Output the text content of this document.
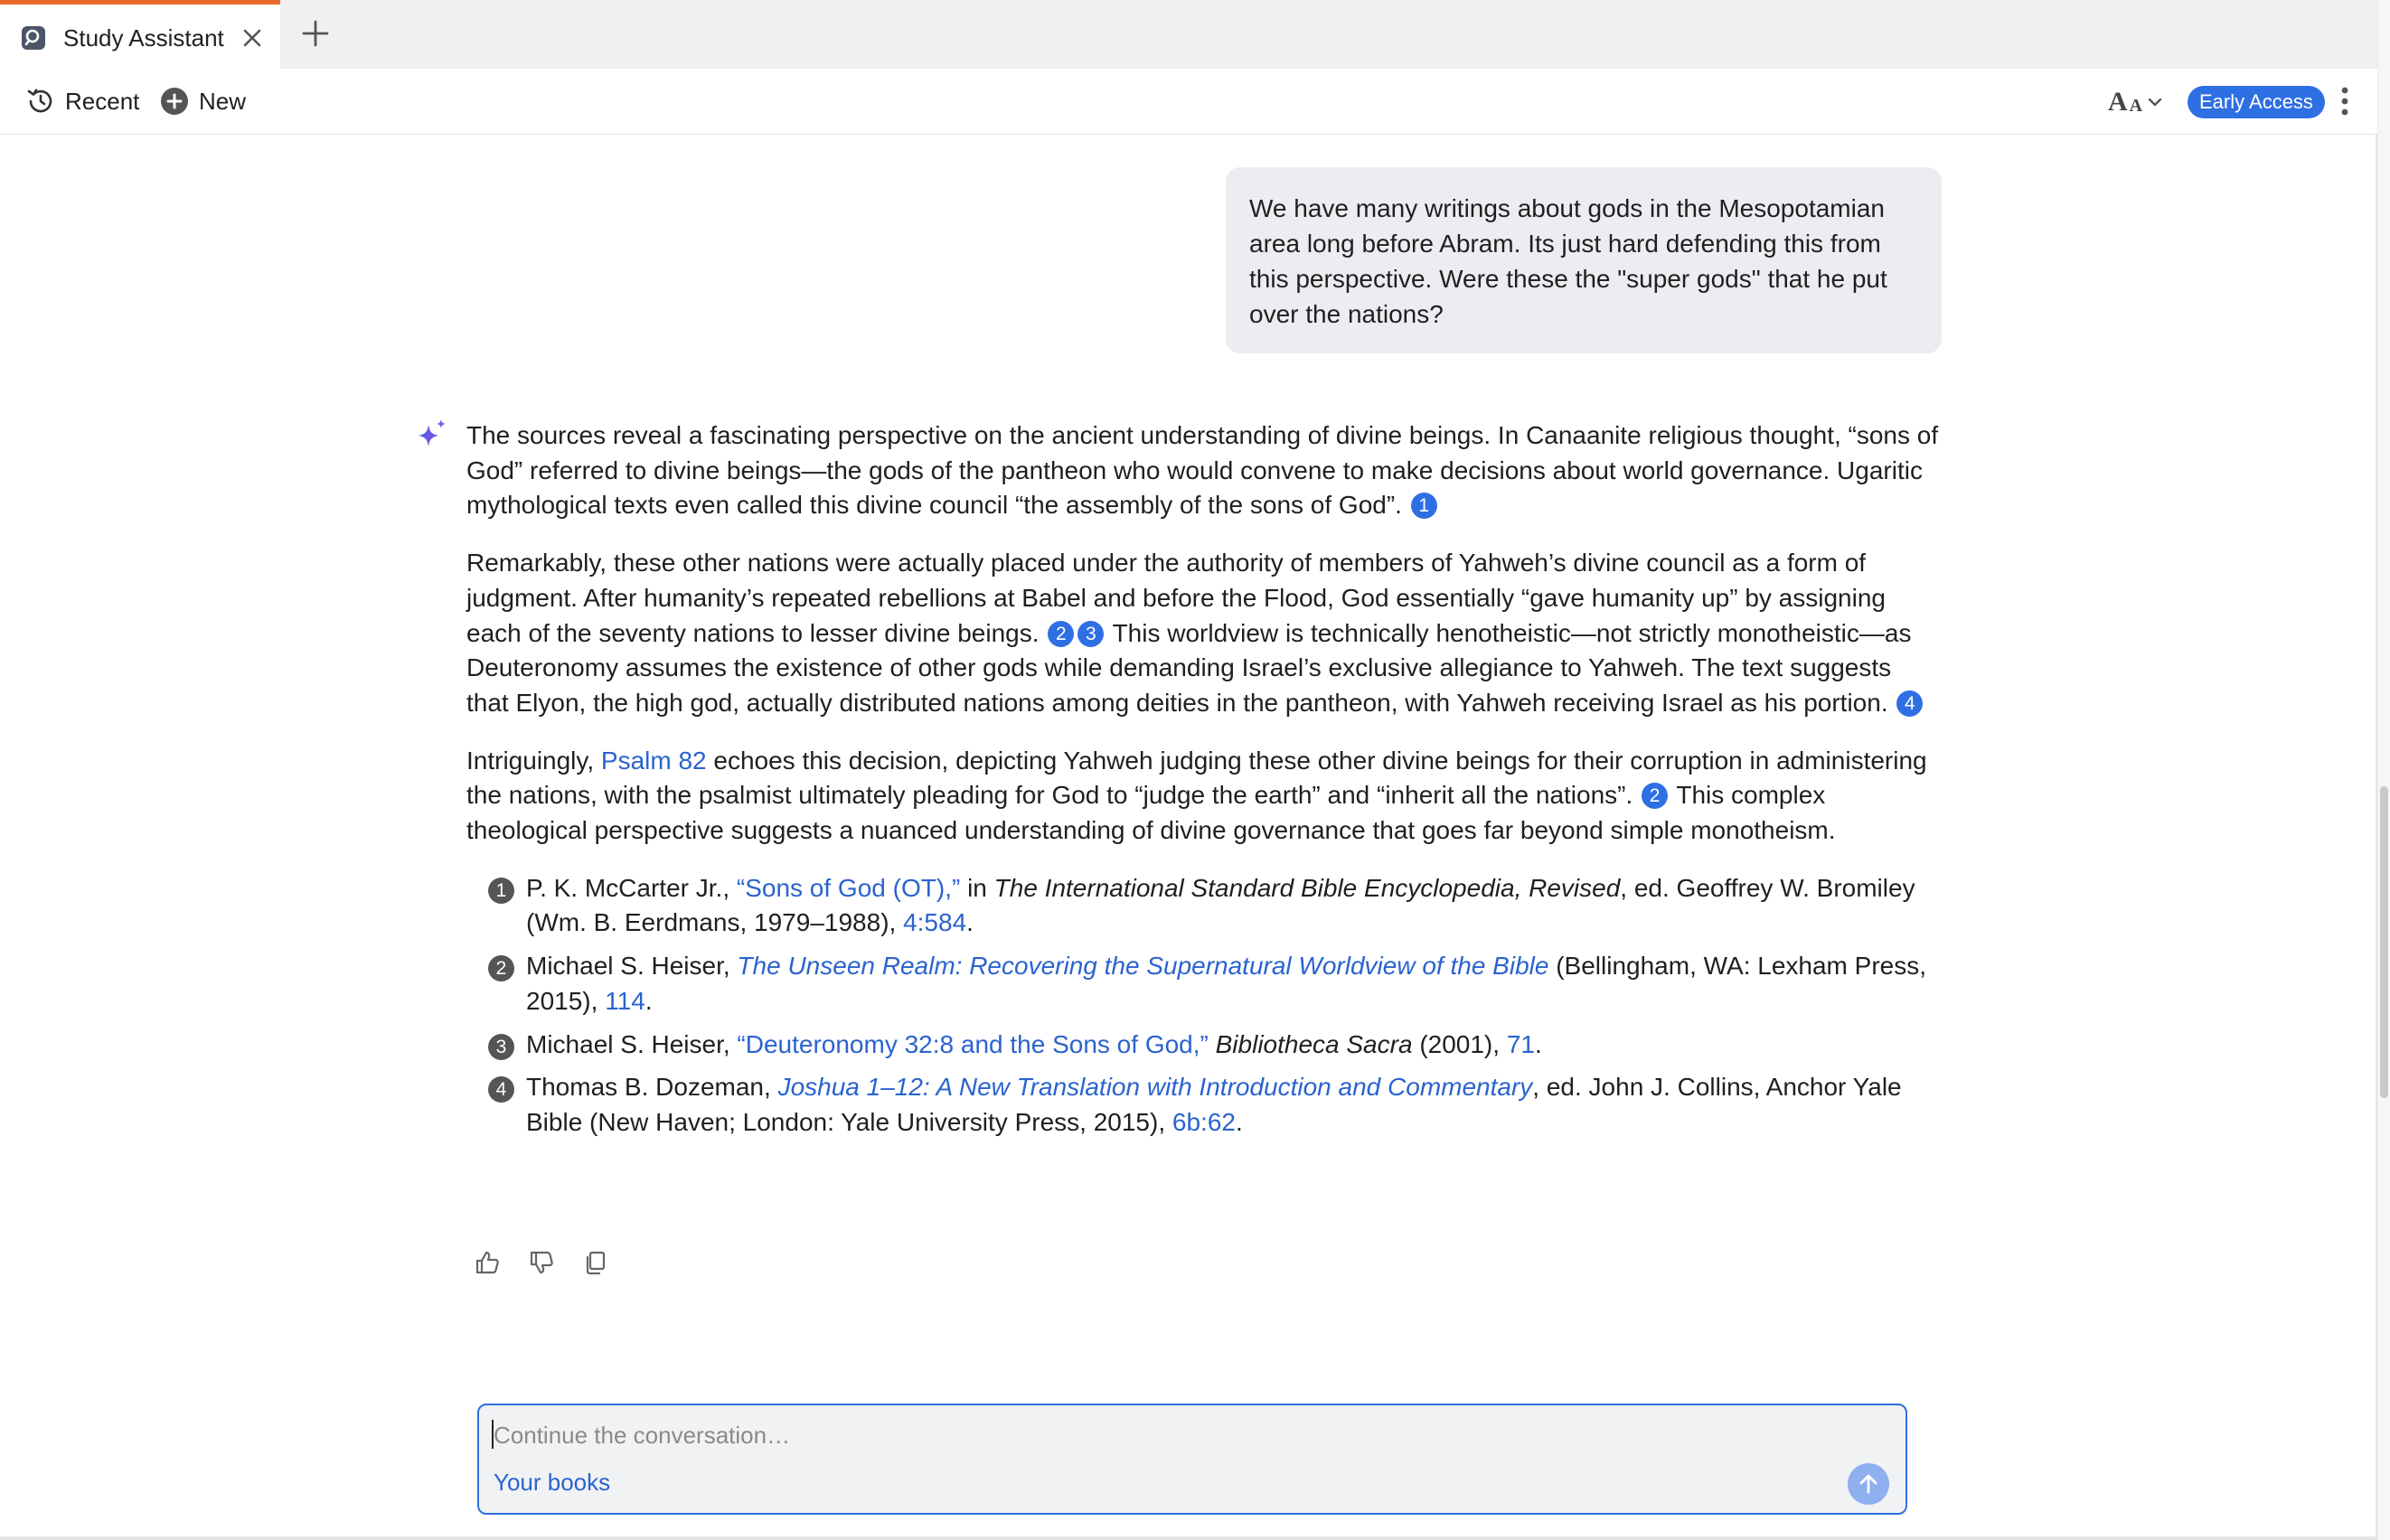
Study Assistant
Recent	New	A A	Early Access
We have many writings about gods in the Mesopotamian area long before Abram. Its just hard defending this from this perspective. Were these the "super gods" that he put over the nations?

The sources reveal a fascinating perspective on the ancient understanding of divine beings. In Canaanite religious thought, “sons of God” referred to divine beings—the gods of the pantheon who would convene to make decisions about world governance. Ugaritic mythological texts even called this divine council “the assembly of the sons of God”. 1

Remarkably, these other nations were actually placed under the authority of members of Yahweh’s divine council as a form of judgment. After humanity’s repeated rebellions at Babel and before the Flood, God essentially “gave humanity up” by assigning each of the seventy nations to lesser divine beings. 2 3 This worldview is technically henotheistic—not strictly monotheistic—as Deuteronomy assumes the existence of other gods while demanding Israel’s exclusive allegiance to Yahweh. The text suggests that Elyon, the high god, actually distributed nations among deities in the pantheon, with Yahweh receiving Israel as his portion. 4

Intriguingly, Psalm 82 echoes this decision, depicting Yahweh judging these other divine beings for their corruption in administering the nations, with the psalmist ultimately pleading for God to “judge the earth” and “inherit all the nations”. 2 This complex theological perspective suggests a nuanced understanding of divine governance that goes far beyond simple monotheism.

1 P. K. McCarter Jr., “Sons of God (OT),” in The International Standard Bible Encyclopedia, Revised, ed. Geoffrey W. Bromiley (Wm. B. Eerdmans, 1979–1988), 4:584.
2 Michael S. Heiser, The Unseen Realm: Recovering the Supernatural Worldview of the Bible (Bellingham, WA: Lexham Press, 2015), 114.
3 Michael S. Heiser, “Deuteronomy 32:8 and the Sons of God,” Bibliotheca Sacra (2001), 71.
4 Thomas B. Dozeman, Joshua 1–12: A New Translation with Introduction and Commentary, ed. John J. Collins, Anchor Yale Bible (New Haven; London: Yale University Press, 2015), 6b:62.
Continue the conversation…
Your books
